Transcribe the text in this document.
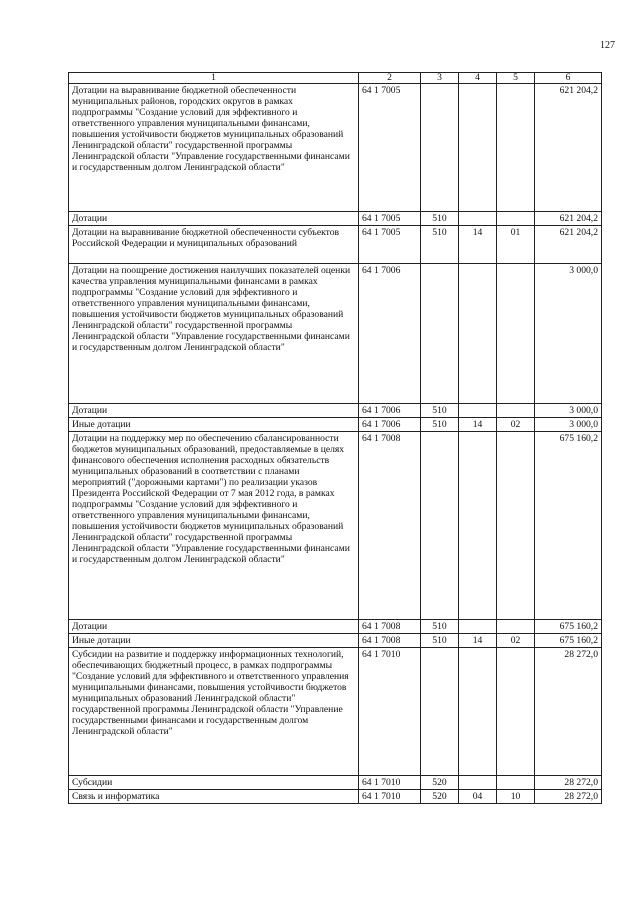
127
1	2	3	4	5	6
Дотации на выравнивание бюджетной обеспеченности муниципальных районов, городских округов в рамках подпрограммы "Создание условий для эффективного и ответственного управления муниципальными финансами, повышения устойчивости бюджетов муниципальных образований Ленинградской области" государственной программы Ленинградской области "Управление государственными финансами и государственным долгом Ленинградской области"	64 1 7005				621 204,2
Дотации	64 1 7005	510			621 204,2
Дотации на выравнивание бюджетной обеспеченности субъектов Российской Федерации и муниципальных образований	64 1 7005	510	14	01	621 204,2
Дотации на поощрение достижения наилучших показателей оценки качества управления муниципальными финансами в рамках подпрограммы "Создание условий для эффективного и ответственного управления муниципальными финансами, повышения устойчивости бюджетов муниципальных образований Ленинградской области" государственной программы Ленинградской области "Управление государственными финансами и государственным долгом Ленинградской области"	64 1 7006				3 000,0
Дотации	64 1 7006	510			3 000,0
Иные дотации	64 1 7006	510	14	02	3 000,0
Дотации на поддержку мер по обеспечению сбалансированности бюджетов муниципальных образований, предоставляемые в целях финансового обеспечения исполнения расходных обязательств муниципальных образований в соответствии с планами мероприятий ("дорожными картами") по реализации указов Президента Российской Федерации от 7 мая 2012 года, в рамках подпрограммы "Создание условий для эффективного и ответственного управления муниципальными финансами, повышения устойчивости бюджетов муниципальных образований Ленинградской области" государственной программы Ленинградской области "Управление государственными финансами и государственным долгом Ленинградской области"	64 1 7008				675 160,2
Дотации	64 1 7008	510			675 160,2
Иные дотации	64 1 7008	510	14	02	675 160,2
Субсидии на развитие и поддержку информационных технологий, обеспечивающих бюджетный процесс, в рамках подпрограммы "Создание условий для эффективного и ответственного управления муниципальными финансами, повышения устойчивости бюджетов муниципальных образований Ленинградской области" государственной программы Ленинградской области "Управление государственными финансами и государственным долгом Ленинградской области"	64 1 7010				28 272,0
Субсидии	64 1 7010	520			28 272,0
Связь и информатика	64 1 7010	520	04	10	28 272,0
